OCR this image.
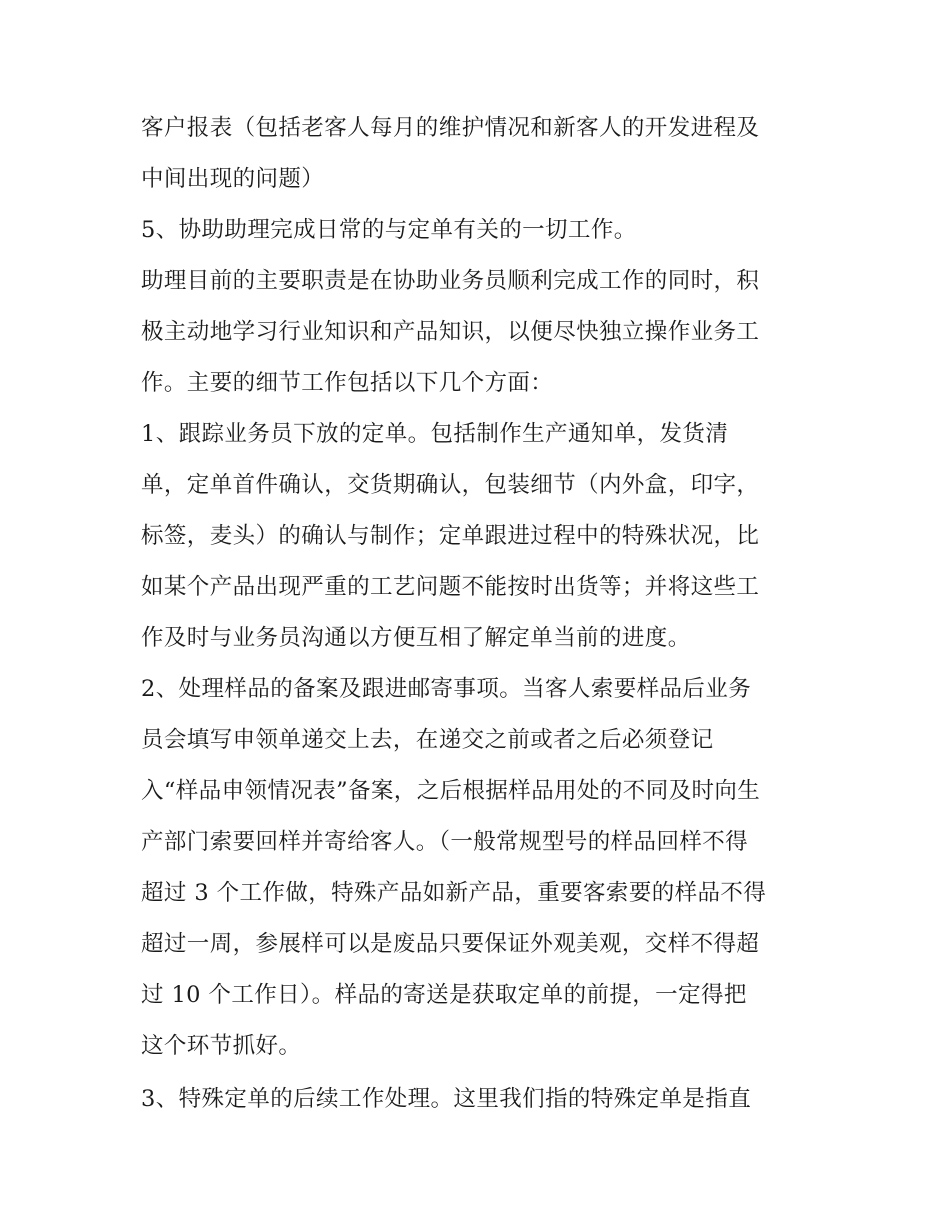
客户报表（包括老客人每月的维护情况和新客人的开发进程及
中间出现的问题）
5、协助助理完成日常的与定单有关的一切工作。
助理目前的主要职责是在协助业务员顺利完成工作的同时，积
极主动地学习行业知识和产品知识，以便尽快独立操作业务工
作。主要的细节工作包括以下几个方面：
1、跟踪业务员下放的定单。包括制作生产通知单，发货清
单，定单首件确认，交货期确认，包装细节（内外盒，印字，
标签，麦头）的确认与制作；定单跟进过程中的特殊状况，比
如某个产品出现严重的工艺问题不能按时出货等；并将这些工
作及时与业务员沟通以方便互相了解定单当前的进度。
2、处理样品的备案及跟进邮寄事项。当客人索要样品后业务
员会填写申领单递交上去，在递交之前或者之后必须登记
入“样品申领情况表”备案，之后根据样品用处的不同及时向生
产部门索要回样并寄给客人。（一般常规型号的样品回样不得
超过 3 个工作做，特殊产品如新产品，重要客索要的样品不得
超过一周，参展样可以是废品只要保证外观美观，交样不得超
过 10 个工作日）。样品的寄送是获取定单的前提，一定得把
这个环节抓好。
3、特殊定单的后续工作处理。这里我们指的特殊定单是指直
